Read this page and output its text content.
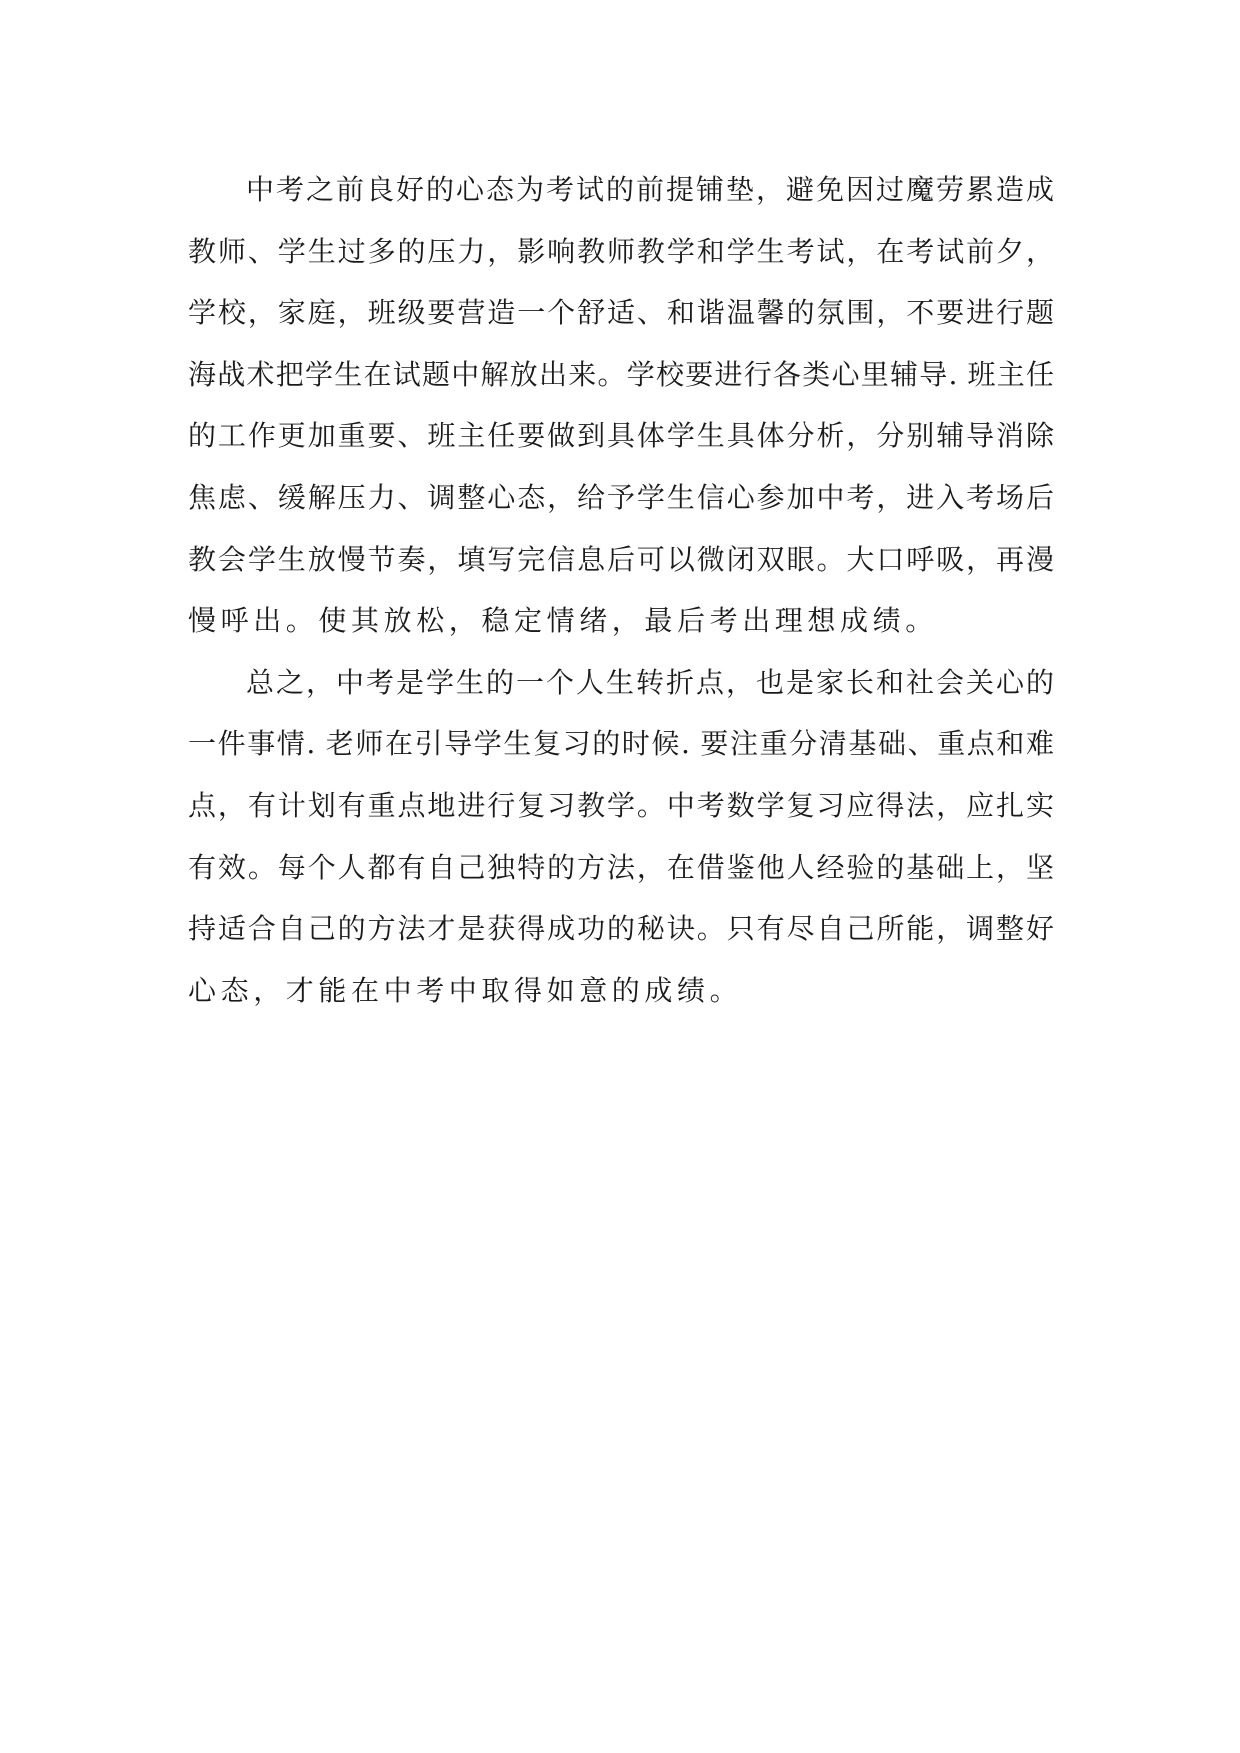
中考之前良好的心态为考试的前提铺垫，避免因过魔劳累造成
教师、学生过多的压力，影响教师教学和学生考试，在考试前夕，
学校，家庭，班级要营造一个舒适、和谐温馨的氛围，不要进行题
海战术把学生在试题中解放出来。学校要进行各类心里辅导. 班主任
的工作更加重要、班主任要做到具体学生具体分析，分别辅导消除
焦虑、缓解压力、调整心态，给予学生信心参加中考，进入考场后
教会学生放慢节奏，填写完信息后可以微闭双眼。大口呼吸，再漫
慢呼出。使其放松，稳定情绪，最后考出理想成绩。
总之，中考是学生的一个人生转折点，也是家长和社会关心的
一件事情. 老师在引导学生复习的时候. 要注重分清基础、重点和难
点，有计划有重点地进行复习教学。中考数学复习应得法，应扎实
有效。每个人都有自己独特的方法，在借鉴他人经验的基础上，坚
持适合自己的方法才是获得成功的秘诀。只有尽自己所能，调整好
心态，才能在中考中取得如意的成绩。
